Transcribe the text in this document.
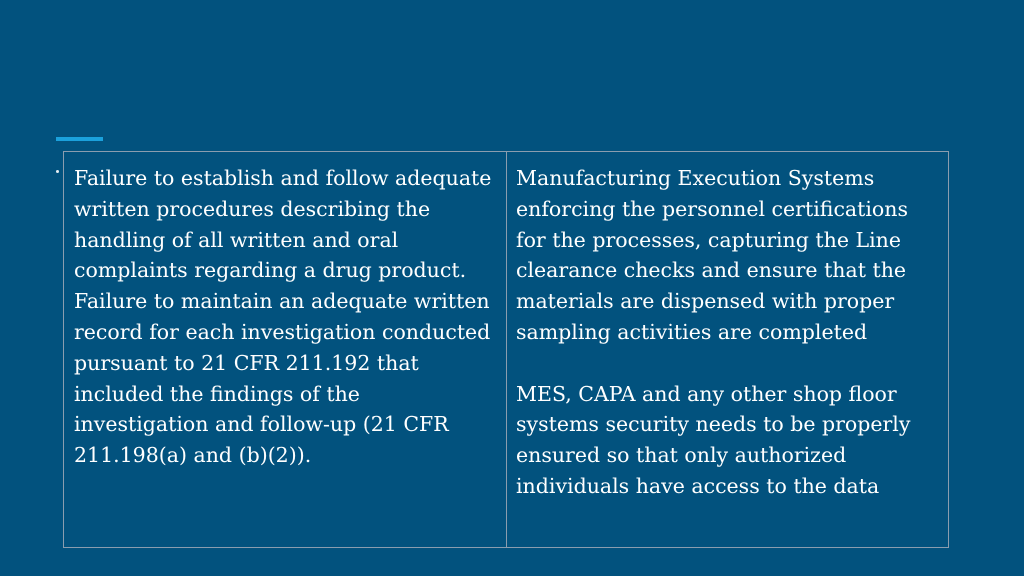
Failure to establish and follow adequate written procedures describing the handling of all written and oral complaints regarding a drug product. Failure to maintain an adequate written record for each investigation conducted pursuant to 21 CFR 211.192 that included the findings of the investigation and follow-up (21 CFR 211.198(a) and (b)(2)).

Manufacturing Execution Systems enforcing the personnel certifications for the processes, capturing the Line clearance checks and ensure that the materials are dispensed with proper sampling activities are completed

MES, CAPA and any other shop floor systems security needs to be properly ensured so that only authorized individuals have access to the data
